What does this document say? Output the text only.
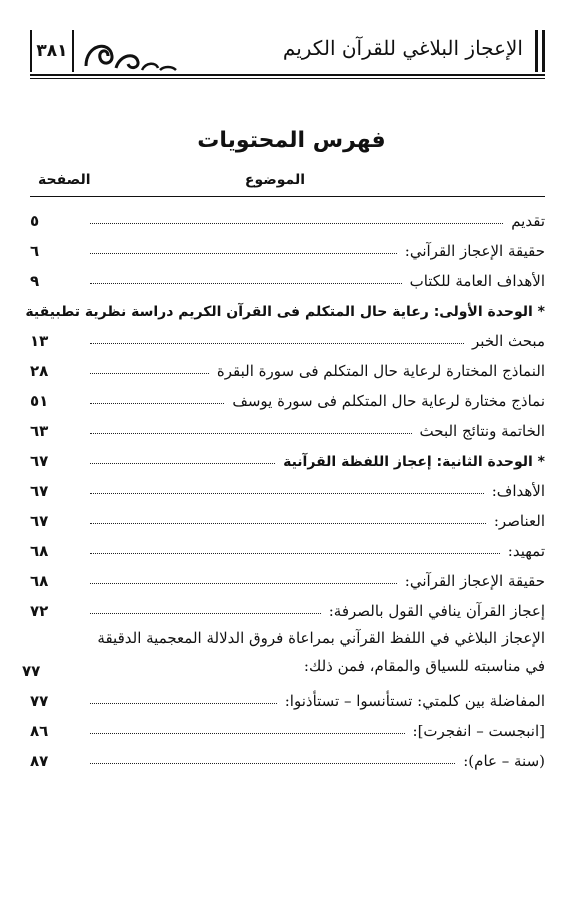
٣٨١	الإعجاز البلاغي للقرآن الكريم
فهرس المحتويات
الموضوع
الصفحة
تقديم
٥
حقيقة الإعجاز القرآني:
٦
الأهداف العامة للكتاب
٩
* الوحدة الأولى: رعاية حال المتكلم فى القرآن الكريم دراسة نظرية تطبيقية
مبحث الخبر
١٣
النماذج المختارة لرعاية حال المتكلم فى سورة البقرة
٢٨
نماذج مختارة لرعاية حال المتكلم فى سورة يوسف
٥١
الخاتمة ونتائج البحث
٦٣
* الوحدة الثانية: إعجاز اللفظة القرآنية
٦٧
الأهداف:
٦٧
العناصر:
٦٧
تمهيد:
٦٨
حقيقة الإعجاز القرآني:
٦٨
إعجاز القرآن ينافي القول بالصرفة:
٧٢
الإعجاز البلاغي في اللفظ القرآني بمراعاة فروق الدلالة المعجمية الدقيقة في مناسبته للسياق والمقام، فمن ذلك:
٧٧
المفاضلة بين كلمتي: تستأنسوا – تستأذنوا:
٧٧
[انبجست – انفجرت]:
٨٦
(سنة – عام):
٨٧
